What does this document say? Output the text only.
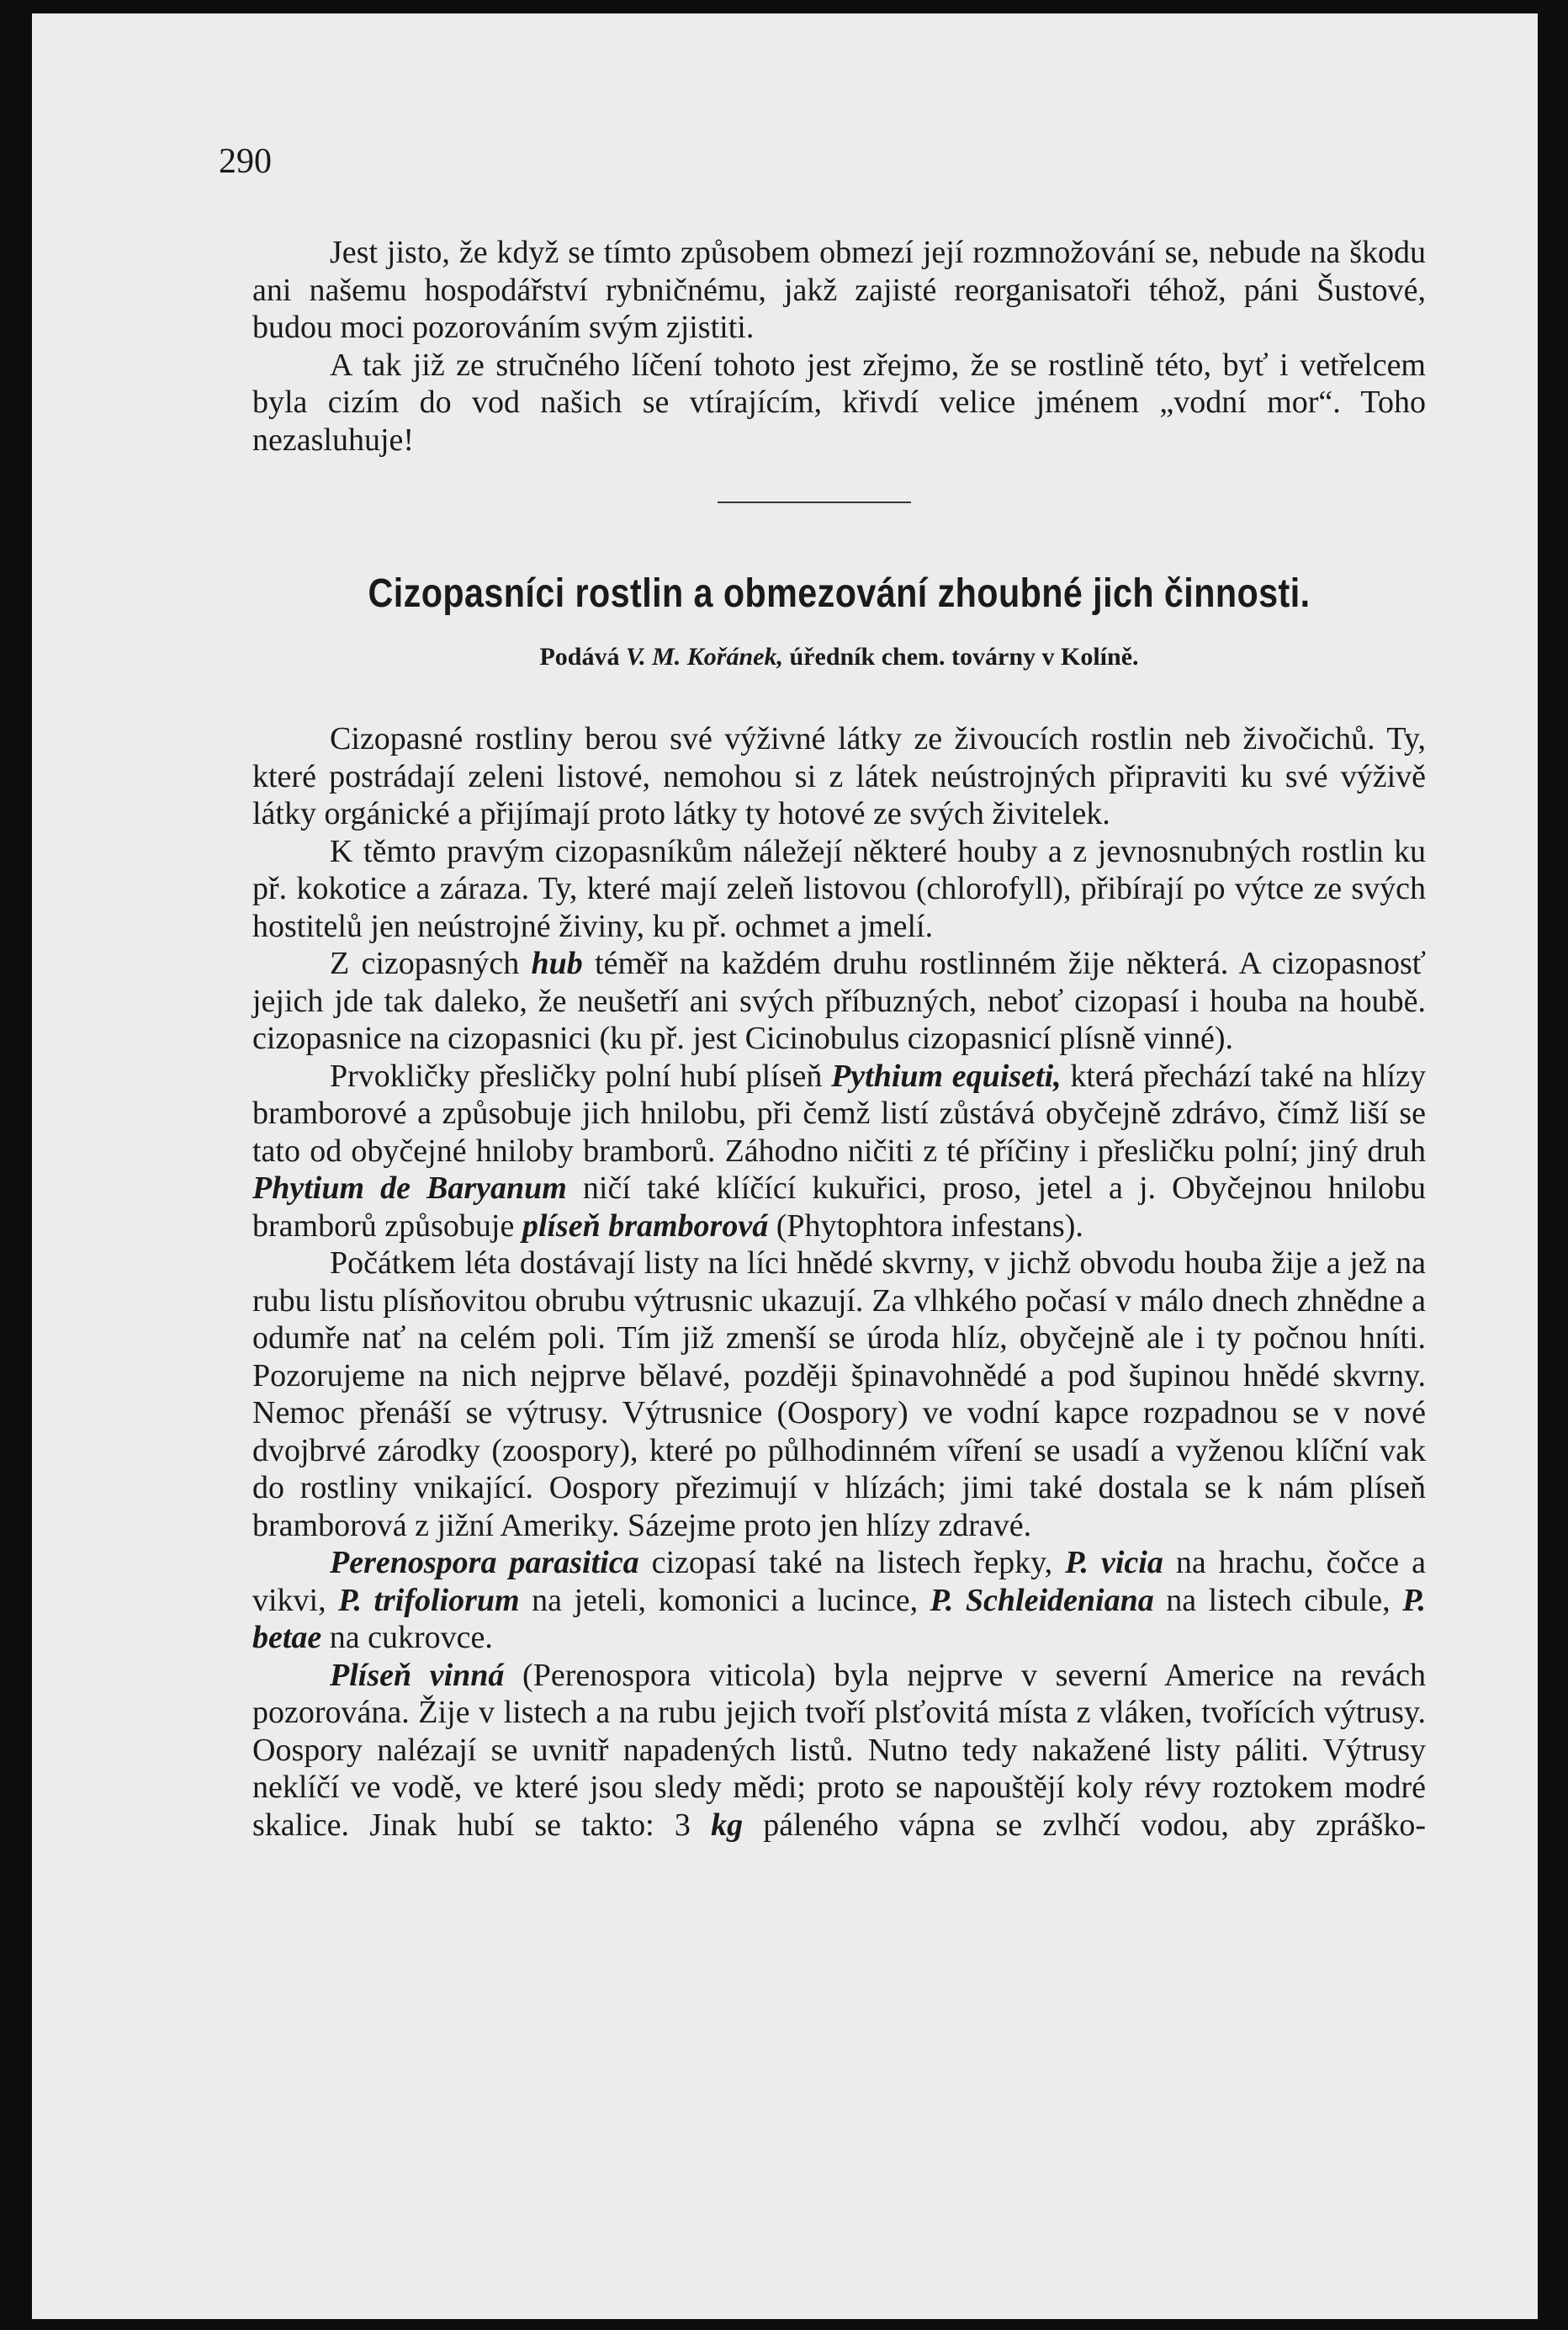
290

Jest jisto, že když se tímto způsobem obmezí její rozmnožování se, nebude na škodu ani našemu hospodářství rybničnému, jakž zajisté reorganisatoři téhož, páni Šustové, budou moci pozorováním svým zjistiti.

A tak již ze stručného líčení tohoto jest zřejmo, že se rostlině této, byť i vetřelcem byla cizím do vod našich se vtírajícím, křivdí velice jménem „vodní mor“. Toho nezasluhuje!

Cizopasníci rostlin a obmezování zhoubné jich činnosti.
Podává V. M. Kořánek, úředník chem. továrny v Kolíně.

Cizopasné rostliny berou své výživné látky ze živoucích rostlin neb živočichů. Ty, které postrádají zeleni listové, nemohou si z látek neústrojných připraviti ku své výživě látky orgánické a přijímají proto látky ty hotové ze svých živitelek.

K těmto pravým cizopasníkům náležejí některé houby a z jevnosnubných rostlin ku př. kokotice a záraza. Ty, které mají zeleň listovou (chlorofyll), přibírají po výtce ze svých hostitelů jen neústrojné živiny, ku př. ochmet a jmelí.

Z cizopasných hub téměř na každém druhu rostlinném žije některá. A cizopasnosť jejich jde tak daleko, že neušetří ani svých příbuzných, neboť cizopasí i houba na houbě. cizopasnice na cizopasnici (ku př. jest Cicinobulus cizopasnicí plísně vinné).

Prvokličky přesličky polní hubí plíseň Pythium equiseti, která přechází také na hlízy bramborové a způsobuje jich hnilobu, při čemž listí zůstává obyčejně zdrávo, čímž liší se tato od obyčejné hniloby bramborů. Záhodno ničiti z té příčiny i přesličku polní; jiný druh Phytium de Baryanum ničí také klíčící kukuřici, proso, jetel a j. Obyčejnou hnilobu bramborů způsobuje plíseň bramborová (Phytophtora infestans).

Počátkem léta dostávají listy na líci hnědé skvrny, v jichž obvodu houba žije a jež na rubu listu plísňovitou obrubu výtrusnic ukazují. Za vlhkého počasí v málo dnech zhnědne a odumře nať na celém poli. Tím již zmenší se úroda hlíz, obyčejně ale i ty počnou hníti. Pozorujeme na nich nejprve bělavé, později špinavohnědé a pod šupinou hnědé skvrny. Nemoc přenáší se výtrusy. Výtrusnice (Oospory) ve vodní kapce rozpadnou se v nové dvojbrvé zárodky (zoospory), které po půlhodinném víření se usadí a vyženou klíční vak do rostliny vnikající. Oospory přezimují v hlízách; jimi také dostala se k nám plíseň bramborová z jižní Ameriky. Sázejme proto jen hlízy zdravé.

Perenospora parasitica cizopasí také na listech řepky, P. vicia na hrachu, čočce a vikvi, P. trifoliorum na jeteli, komonici a lucince, P. Schleideniana na listech cibule, P. betae na cukrovce.

Plíseň vinná (Perenospora viticola) byla nejprve v severní Americe na revách pozorována. Žije v listech a na rubu jejich tvoří plsťovitá místa z vláken, tvořících výtrusy. Oospory nalézají se uvnitř napadených listů. Nutno tedy nakažené listy páliti. Výtrusy neklíčí ve vodě, ve které jsou sledy mědi; proto se napouštějí koly révy roztokem modré skalice. Jinak hubí se takto: 3 kg páleného vápna se zvlhčí vodou, aby zpráško-
